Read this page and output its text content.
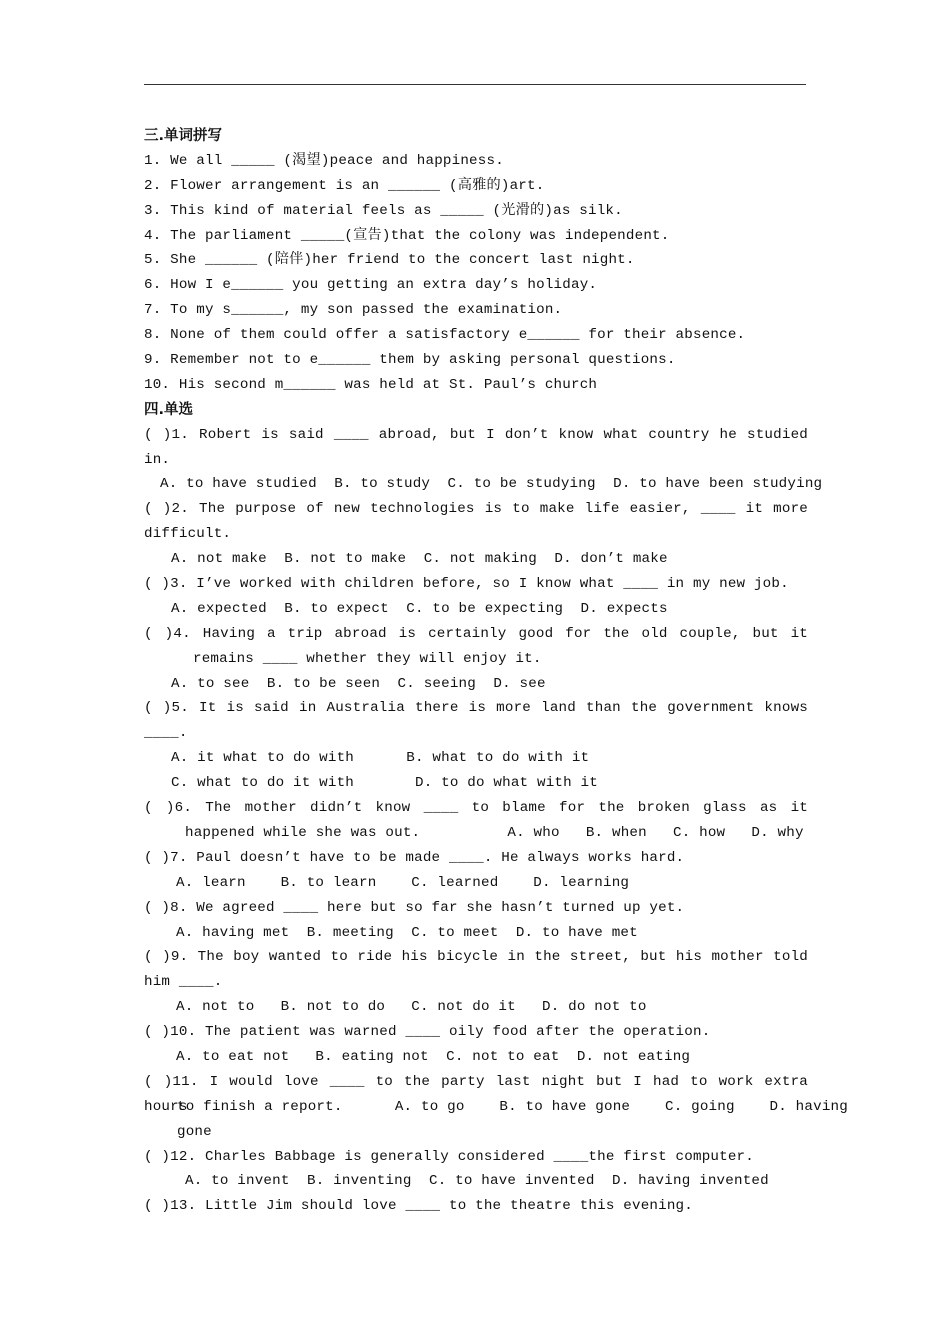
三.单词拼写
1. We all _____ (渴望)peace and happiness.
2. Flower arrangement is an ______ (高雅的)art.
3. This kind of material feels as _____ (光滑的)as silk.
4. The parliament _____(宣告)that the colony was independent.
5. She ______ (陪伴)her friend to the concert last night.
6. How I e______ you getting an extra day’s holiday.
7. To my s______, my son passed the examination.
8. None of them could offer a satisfactory e______ for their absence.
9. Remember not to e______ them by asking personal questions.
10. His second m______ was held at St. Paul’s church
四.单选
( )1. Robert is said ____ abroad, but I don’t know what country he studied
in.
A. to have studied  B. to study  C. to be studying  D. to have been studying
( )2. The purpose of new technologies is to make life easier, ____ it more
difficult.
A. not make  B. not to make  C. not making  D. don’t make
( )3. I’ve worked with children before, so I know what ____ in my new job.
A. expected  B. to expect  C. to be expecting  D. expects
( )4. Having a trip abroad is certainly good for the old couple, but it
remains ____ whether they will enjoy it.
A. to see  B. to be seen  C. seeing  D. see
( )5. It is said in Australia there is more land than the government knows
____.
A. it what to do with      B. what to do with it
C. what to do it with       D. to do what with it
( )6. The mother didn’t know ____ to blame for the broken glass as it
happened while she was out.          A. who   B. when   C. how   D. why
( )7. Paul doesn’t have to be made ____. He always works hard.
A. learn    B. to learn    C. learned    D. learning
( )8. We agreed ____ here but so far she hasn’t turned up yet.
A. having met  B. meeting  C. to meet  D. to have met
( )9. The boy wanted to ride his bicycle in the street, but his mother told
him ____.
A. not to   B. not to do   C. not do it   D. do not to
( )10. The patient was warned ____ oily food after the operation.
A. to eat not   B. eating not  C. not to eat  D. not eating
( )11. I would love ____ to the party last night but I had to work extra hours
to finish a report.      A. to go    B. to have gone    C. going    D. having
gone
( )12. Charles Babbage is generally considered ____the first computer.
A. to invent  B. inventing  C. to have invented  D. having invented
( )13. Little Jim should love ____ to the theatre this evening.
